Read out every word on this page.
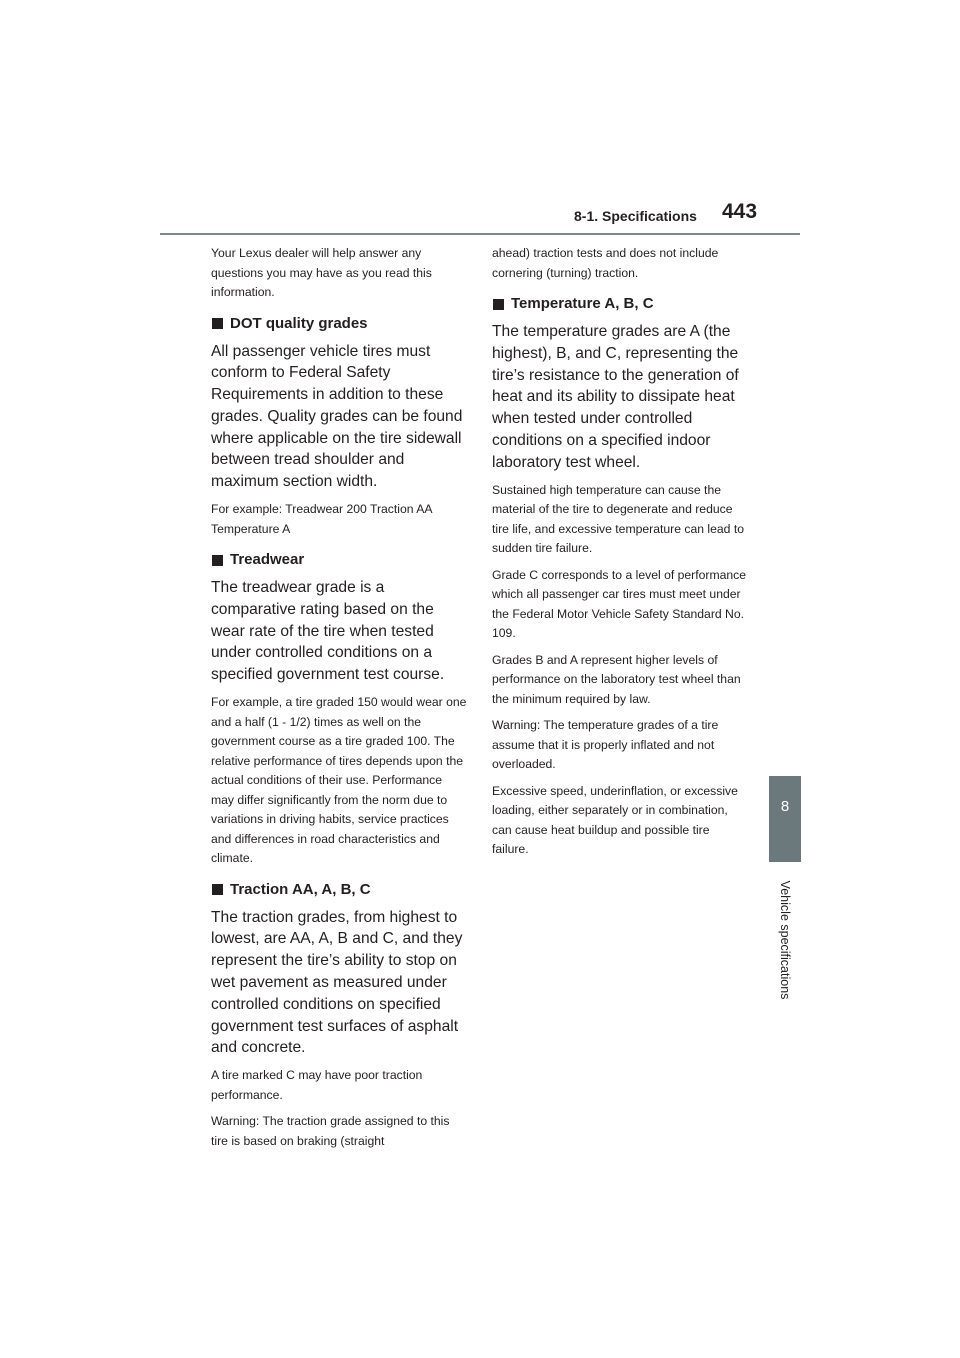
8-1. Specifications 443
8
Vehicle specifications

Your Lexus dealer will help answer any questions you may have as you read this information.

DOT quality grades

All passenger vehicle tires must conform to Federal Safety Requirements in addition to these grades. Quality grades can be found where applicable on the tire sidewall between tread shoulder and maximum section width.

For example: Treadwear 200 Traction AA Temperature A

Treadwear

The treadwear grade is a comparative rating based on the wear rate of the tire when tested under controlled conditions on a specified government test course.

For example, a tire graded 150 would wear one and a half (1 - 1/2) times as well on the government course as a tire graded 100. The relative performance of tires depends upon the actual conditions of their use. Performance may differ significantly from the norm due to variations in driving habits, service practices and differences in road characteristics and climate.

Traction AA, A, B, C

The traction grades, from highest to lowest, are AA, A, B and C, and they represent the tire’s ability to stop on wet pavement as measured under controlled conditions on specified government test surfaces of asphalt and concrete.

A tire marked C may have poor traction performance.

Warning: The traction grade assigned to this tire is based on braking (straight

ahead) traction tests and does not include cornering (turning) traction.

Temperature A, B, C

The temperature grades are A (the highest), B, and C, representing the tire’s resistance to the generation of heat and its ability to dissipate heat when tested under controlled conditions on a specified indoor laboratory test wheel.

Sustained high temperature can cause the material of the tire to degenerate and reduce tire life, and excessive temperature can lead to sudden tire failure.

Grade C corresponds to a level of performance which all passenger car tires must meet under the Federal Motor Vehicle Safety Standard No. 109.

Grades B and A represent higher levels of performance on the laboratory test wheel than the minimum required by law.

Warning: The temperature grades of a tire assume that it is properly inflated and not overloaded.

Excessive speed, underinflation, or excessive loading, either separately or in combination, can cause heat buildup and possible tire failure.
